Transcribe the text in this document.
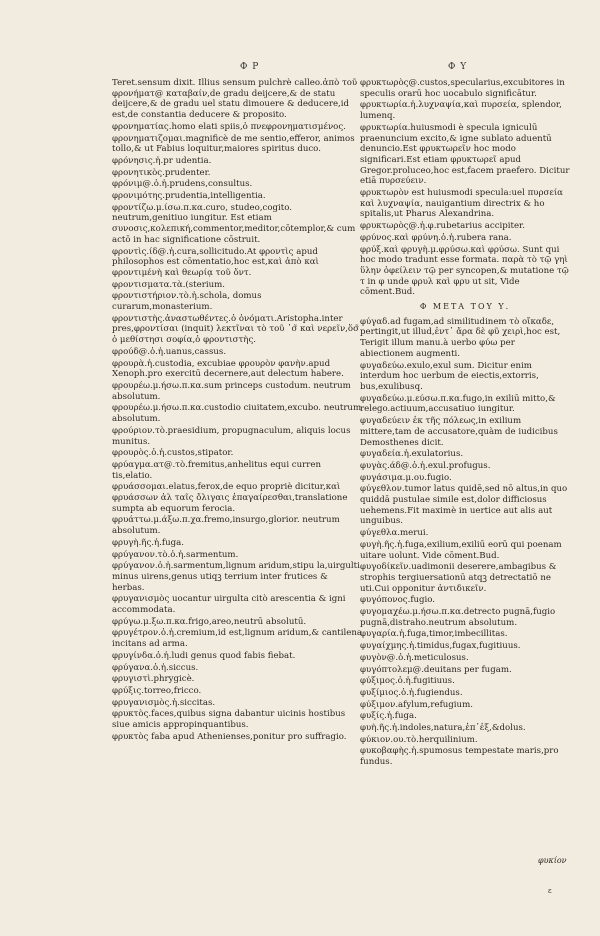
Φ Ρ	Φ Υ
Teret.sensum dixit. Illius sensum pulchrè calleo.ἀπὸ τοῦ φρονήματ@ καταβαίν,de gradu deijcere,& de statu deijcere,& de gradu uel statu dimouere & deducere,id est,de constantia deducere & proposito.
φρονηματίας.homo elati spiis,ὁ πνεφρονηματισμένος.
φρονηματιζομαι.magnificè de me sentio,efferor, animos tollo,& ut Fabius loquitur,maiores spiritus duco.
φρόνησις.ἡ.pr udentia.
φρονητικὸς.prudenter.
φρόνιμ@.ὁ.ἡ.prudens,consultus.
φρονιμότης.prudentia,intelligentia.
φροντίζω.μ.ίσω.π.κα.curo, studeo,cogito. neutrum,genitiuo iungitur. Est etiam συνοσις,κολεπική,commentor,meditor,cōtemplor,& cum actō in hac significatione cōstruit.
φροντὶς.ίδ@.ἡ.cura,sollicitudo.At φροντὶς apud philosophos est cōmentatio,hoc est,καὶ ἀπὸ καὶ φροντιμένὴ καὶ θεωρίᾳ τοῦ ὄντ.
φροντισματα.τὰ.(sterium.
φροντιστήριον.τὸ.ἡ.schola, domus curarum,monasterium.
φροντιστὴς.ἀναστωθέντες.ὁ ὀνόματι.Aristopha.inter pres,φροντίσαι (inquit) λεκτῖναι τὸ τοῦ ᾽σ̃ καὶ νερεῖν,ὅσ̃ ὁ μεθίστησι σοφία,ὁ φροντιστὴς.
φρούδ@.ὁ.ἡ.uanus,cassus.
φρουρὰ.ἡ.custodia, excubiae φρουρὸν φανὴν.apud Xenoph.pro exercitū decernere,aut delectum habere.
φρουρέω.μ.ήσω.π.κα.sum princeps custodum. neutrum absolutum.
φρουρέω.μ.ήσω.π.κα.custodio ciuitatem,excubo. neutrum absolutum.
φρούριον.τὸ.praesidium, propugnaculum, aliquis locus munitus.
φρουρὸς.ὁ.ἡ.custos,stipator.
φρύαγμα.ατ@.τὸ.fremitus,anhelitus equi curren tis,elatio.
φρυάσσομαι.elatus,ferox,de equo propriè dicitur,καὶ φρυάσσων ἀλ ταῖς ὄλιγαις ἐπαγαίρεσθαι,translatione sumpta ab equorum ferocia.
φρυάττω.μ.άξω.π.χα.fremo,insurgo,glorior. neutrum absolutum.
φρυγὴ.ῆς.ἡ.fuga.
φρύγανον.τὸ.ὁ.ἡ.sarmentum.
φρύγανον.ὁ.ἡ.sarmentum,lignum aridum,stipu la,uirgulti minus uirens,genus utiqꝫ terrium inter frutices & herbas.
φρυγανισμὸς uocantur uirgulta citò arescentia & igni accommodata.
φρύγω.μ.ξω.π.κα.frigo,areo,neutrū absolutū.
φρυγέτρον.ὁ.ἡ.cremium,id est,lignum aridum,& cantilena incitans ad arma.
φρυγίνδα.ὁ.ἡ.ludi genus quod fabis fiebat.
φρύγανα.ὁ.ἡ.siccus.
φρυγιστὶ.phrygicè.
φρύξις.torreo,fricco.
φρυγανισμὸς.ἡ.siccitas.
φρυκτὸς.faces,quibus signa dabantur uicinis hostibus siue amicis appropinquantibus.
φρυκτὸς faba apud Athenienses,ponitur pro suffragio.
φρυκτωρὸς@.custos,specularius,excubitores in speculis orarū hoc uocabulo significātur.
φρυκτωρία.ἡ.λυχναψία,καὶ πυρσεία, splendor, lumenq.
φρυκτωρία.huiusmodi è specula igniculū praenuncium excito,& igne sublato aduentū denuncio.Est φρυκτωρεῖν hoc modo significari.Est etiam φρυκτωρεῖ apud Gregor.proluceo,hoc est,facem praefero. Dicitur etiā πυρσεύειν.
φρυκτωρὸν est huiusmodi specula:uel πυρσεία καὶ λυχναψία, nauigantium directrix & ho spitalis,ut Pharus Alexandrina.
φρυκτωρὸς@.ἡ.φ.rubetarius accipiter.
φρύνος.καὶ φρύνη.ὁ.ἡ.rubera rana.
φρύξ.καὶ φρυγὴ.μ.φρύσω.καὶ φρύσω. Sunt qui hoc modo tradunt esse formata. παρὰ τὸ τῷ γηὶ ὕλην ὀφείλειν τῷ per syncopen,& mutatione τῷ τ in φ unde φρυλ καὶ φρυ ut sit, Vide cōment.Bud.
Φ ΜΕΤΑ ΤΟΥ Υ.
φύγαδ.ad fugam,ad similitudinem τὸ οἴκαδε, pertingit,ut illud,ἐντ᾽ ἄρα δὲ φῦ χειρὶ,hoc est, Terigit illum manu.à uerbo φύω per abiectionem augmenti.
φυγαδεύω.exulo,exul sum. Dicitur enim interdum hoc uerbum de eiectis,extorris, bus,exulibusq.
φυγαδεύω.μ.εύσω.π.κα.fugo,in exiliū mitto,& relego.actiuum,accusatiuo iungitur.
φυγαδεύειν ἐκ τῆς πόλεως,in exilium mittere,tam de accusatore,quàm de iudicibus Demosthenes dicit.
φυγαδεία.ἡ.exulatorius.
φυγὰς.άδ@.ὁ.ἡ.exul.profugus.
φυγάσιμα.μ.ου.fugio.
φύγεθλον.tumor latus quidē,sed nō altus,in quo quiddā pustulae simile est,dolor difficiosus uehemens.Fit maximè in uertice aut alis aut unguibus.
φύγεθλα.merui.
φυγὴ.ῆς.ἡ.fuga,exilium,exiliū eorū qui poenam uitare uolunt. Vide cōment.Bud.
φυγοδίκεῖν.uadimonii deserere,ambagibus & strophis tergiuersationū atqꝫ detrectatiō ne uti.Cui opponitur ἀντιδικεῖν.
φυγόπονος.fugio.
φυγομαχέω.μ.ήσω.π.κα.detrecto pugnā,fugio pugnā,distraho.neutrum absolutum.
φυγαρία.ἡ.fuga,timor,imbecillitas.
φυγαίχμης.ἡ.timidus,fugax,fugitiuus.
φυγὸν@.ὁ.ἡ.meticulosus.
φυγόπτολεμ@.deuitans per fugam.
φύξιμος.ὁ.ἡ.fugitiuus.
φυξίμιος.ὁ.ἡ.fugiendus.
φύξιμον.afylum,refugium.
φυξίς.ἡ.fuga.
φυὴ.ῆς.ἡ.indoles,natura,ἐπ᾽ἐξ,&dolus.
φύκιον.ου.τὸ.herquilinium.
φυκοβαφὴς.ἡ.spumosus tempestate maris,pro fundus.
φυκίον
ε
